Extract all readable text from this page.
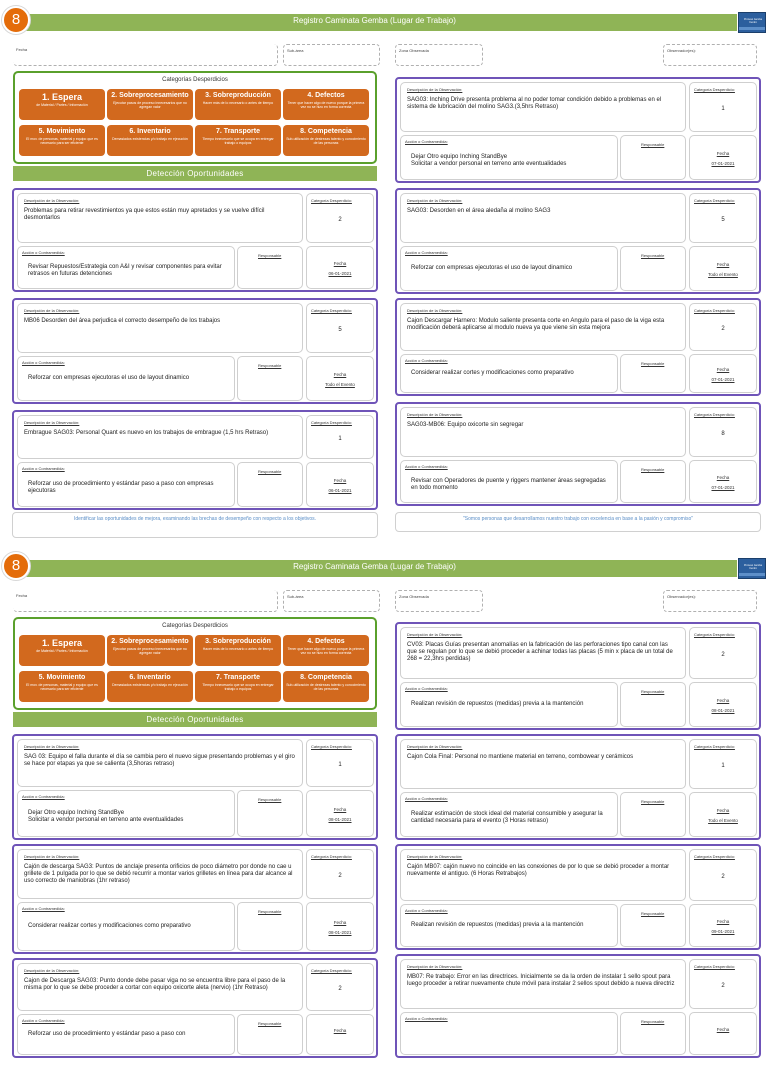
Registro Caminata Gemba (Lugar de Trabajo)
8	Proceso Gemba Centro
Fecha	Sub-área	Zona Observada	Observador(es):
Categorías Desperdicios
1. Espera
de Material / Partes / Información
2. Sobreprocesamiento
Ejecutar pasos de proceso innecesarios que no agregan valor
3. Sobreproducción
Hacer más de lo necesario o antes de tiempo
4. Defectos
Tener que hacer algo de nuevo porque la primera vez no se hizo en forma correcta
5. Movimiento
El mov. de personas, material y equipo que es necesario para ser eficiente
6. Inventario
Demasiados existencias y/o trabajo en ejecución
7. Transporte
Tiempo innecesario que se ocupa en entregar trabajo o equipos
8. Competencia
Sub-utilización de destrezas talento y conocimiento de las personas
Detección Oportunidades
Descripción de la Observación:
Problemas para retirar revestimientos ya que estos están muy apretados y se vuelve difícil desmontarlos
Categoría Desperdicio:
2
Acción o Contramedida:
Revisar Repuestos/Estrategia con A&I y revisar componentes para evitar retrasos en futuras detenciones
Responsable
Fecha
06-01-2021
Descripción de la Observación:
MB06 Desorden del área perjudica el correcto desempeño de los trabajos
Categoría Desperdicio:
5
Acción o Contramedida:
Reforzar con empresas ejecutoras el uso de layout dinamico
Responsable
Fecha
Todo el Evento
Descripción de la Observación:
Embrague SAG03: Personal Quant es nuevo en los trabajos de embrague (1,5 hrs Retraso)
Categoría Desperdicio:
1
Acción o Contramedida:
Reforzar uso de procedimiento y estándar paso a paso con empresas ejecutoras
Responsable
Fecha
06-01-2021
Descripción de la Observación:
SAG03: Inching Drive presenta problema al no poder tomar condición debido a problemas en el sistema de lubricación del molino SAG3.(3,5hrs Retraso)
Categoría Desperdicio:
1
Acción o Contramedida:
Dejar Otro equipo Inching StandBye
Solicitar a vendor personal en terreno ante eventualidades
Responsable
Fecha
07-01-2021
Descripción de la Observación:
SAG03: Desorden en el área aledaña al molino SAG3
Categoría Desperdicio:
5
Acción o Contramedida:
Reforzar con empresas ejecutoras el uso de layout dinamico
Responsable
Fecha
Todo el Evento
Descripción de la Observación:
Cajon Descargar Harnero: Modulo saliente presenta corte en Angulo para el paso de la viga esta modificación deberá aplicarse al modulo nueva ya que viene sin esta mejora
Categoría Desperdicio:
2
Acción o Contramedida:
Considerar realizar cortes y modificaciones como preparativo
Responsable
Fecha
07-01-2021
Descripción de la Observación:
SAG03-MB06: Equipo oxicorte sin segregar
Categoría Desperdicio:
8
Acción o Contramedida:
Revisar con Operadores de puente y riggers mantener áreas segregadas en todo momento
Responsable
Fecha
07-01-2021
Identificar las oportunidades de mejora, examinando las brechas de desempeño con respecto a los objetivos.	"Somos personas que desarrollamos nuestro trabajo con excelencia en base a la pasión y compromiso"
Registro Caminata Gemba (Lugar de Trabajo)
8	Proceso Gemba Centro
Fecha	Sub-área	Zona Observada	Observador(es):
Categorías Desperdicios
1. Espera
de Material / Partes / Información
2. Sobreprocesamiento
Ejecutar pasos de proceso innecesarios que no agregan valor
3. Sobreproducción
Hacer más de lo necesario o antes de tiempo
4. Defectos
Tener que hacer algo de nuevo porque la primera vez no se hizo en forma correcta
5. Movimiento
El mov. de personas, material y equipo que es necesario para ser eficiente
6. Inventario
Demasiados existencias y/o trabajo en ejecución
7. Transporte
Tiempo innecesario que se ocupa en entregar trabajo o equipos
8. Competencia
Sub-utilización de destrezas talento y conocimiento de las personas
Detección Oportunidades
Descripción de la Observación:
SAG 03: Equipo el falla durante el día se cambia pero el nuevo sigue presentando problemas y el giro se hace por etapas ya que se calienta (3,5horas retraso)
Categoría Desperdicio:
1
Acción o Contramedida:
Dejar Otro equipo Inching StandBye
Solicitar a vendor personal en terreno ante eventualidades
Responsable
Fecha
08-01-2021
Descripción de la Observación:
Cajón de descarga SAG3: Puntos de anclaje presenta orificios de poco diámetro por donde no cae u grillete de 1 pulgada por lo que se debió recurrir a montar varios grilletes en línea para dar alcance al uso correcto de maniobras (1hr retraso)
Categoría Desperdicio:
2
Acción o Contramedida:
Considerar realizar cortes y modificaciones como preparativo
Responsable
Fecha
08-01-2021
Descripción de la Observación:
Cajon de Descarga SAG03: Punto donde debe pasar viga no se encuentra libre para el paso de la misma por lo que se debe proceder a cortar con equipo oxicorte aleta (nervio) (1hr Retraso)
Categoría Desperdicio:
2
Acción o Contramedida:
Reforzar uso de procedimiento y estándar paso a paso con
Responsable
Fecha
Descripción de la Observación:
CV03: Placas Guías presentan anomalías en la fabricación de las perforaciones tipo canal con las que se regulan por lo que se debió proceder a achinar todas las placas (5 min x placa de un total de 268 = 22,3hrs perdidas)
Categoría Desperdicio:
2
Acción o Contramedida:
Realizan revisión de repuestos (medidas) previa a la mantención
Responsable
Fecha
08-01-2021
Descripción de la Observación:
Cajon Cola Final: Personal no mantiene material en terreno, combowear y cerámicos
Categoría Desperdicio:
1
Acción o Contramedida:
Realizar estimación de stock ideal del material consumible y asegurar la cantidad necesaria para el evento (3 Horas retraso)
Responsable
Fecha
Todo el Evento
Descripción de la Observación:
Cajón MB07: cajón nuevo no coincide en las conexiones de por lo que se debió proceder a montar nuevamente el antiguo. (6 Horas Retrabajos)
Categoría Desperdicio:
2
Acción o Contramedida:
Realizan revisión de repuestos (medidas) previa a la mantención
Responsable
Fecha
09-01-2021
Descripción de la Observación:
MB07: Re trabajo: Error en las directrices. Inicialmente se da la orden de instalar 1 sello spout para luego proceder a retirar nuevamente chute móvil para instalar 2 sellos spout debido a nueva directriz
Categoría Desperdicio:
2
Acción o Contramedida:
Responsable
Fecha
